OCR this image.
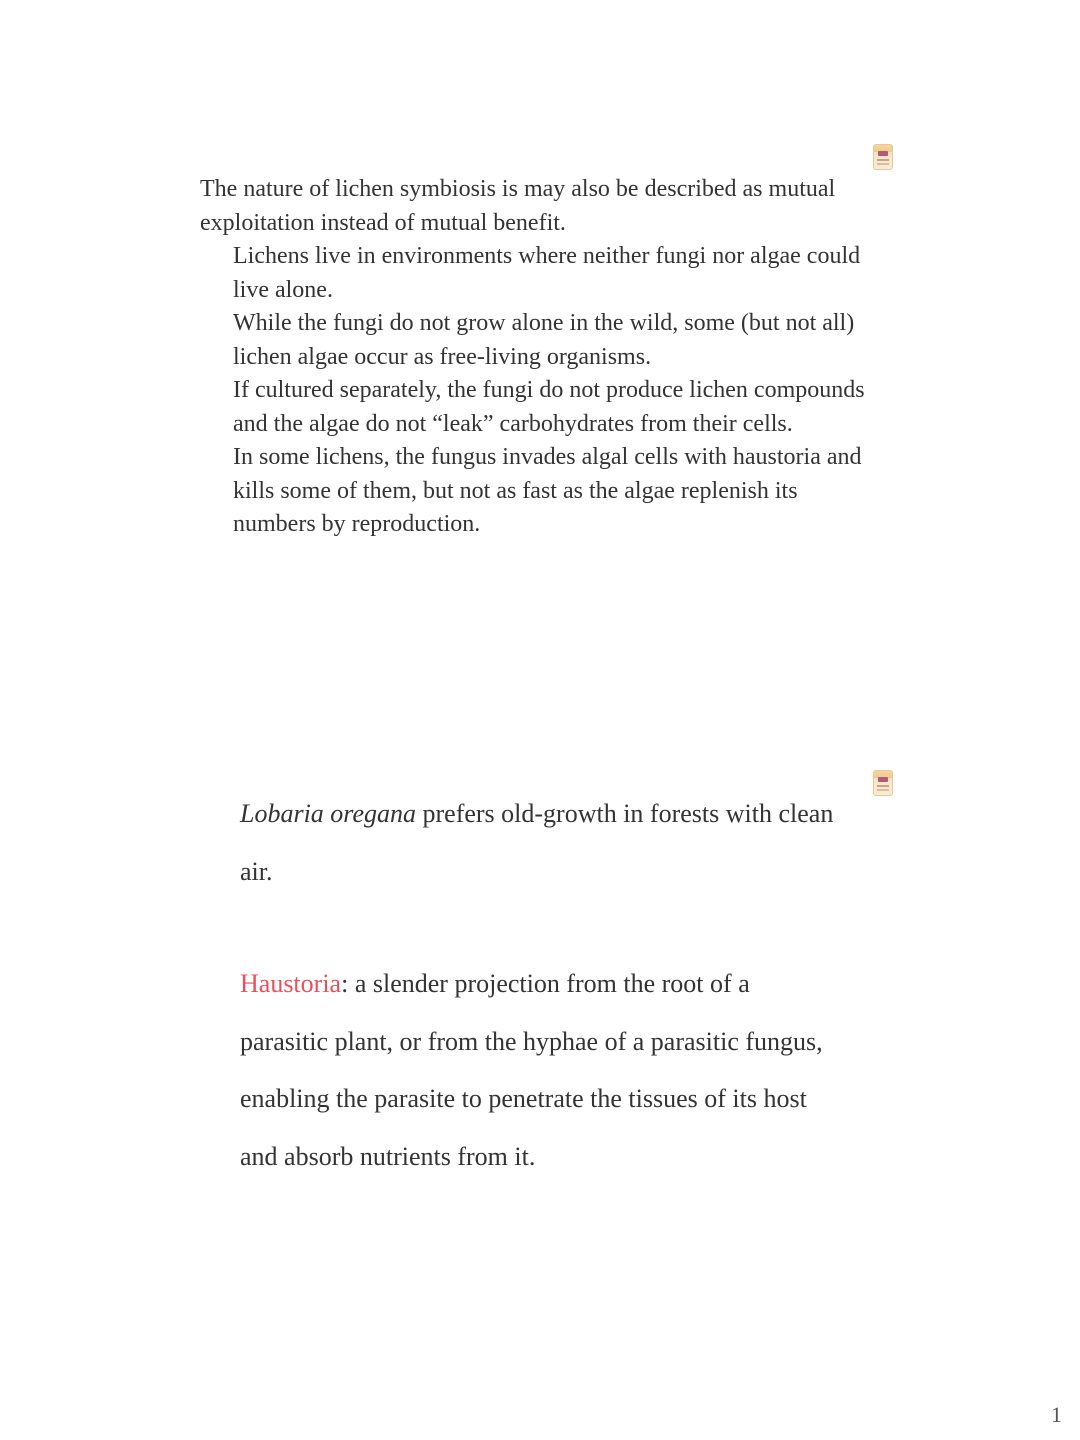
The nature of lichen symbiosis is may also be described as mutual exploitation instead of mutual benefit.

Lichens live in environments where neither fungi nor algae could live alone.
While the fungi do not grow alone in the wild, some (but not all) lichen algae occur as free-living organisms.
If cultured separately, the fungi do not produce lichen compounds and the algae do not “leak” carbohydrates from their cells.
In some lichens, the fungus invades algal cells with haustoria and kills some of them, but not as fast as the algae replenish its numbers by reproduction.

Lobaria oregana prefers old-growth in forests with clean air.

Haustoria: a slender projection from the root of a parasitic plant, or from the hyphae of a parasitic fungus, enabling the parasite to penetrate the tissues of its host and absorb nutrients from it.

1
